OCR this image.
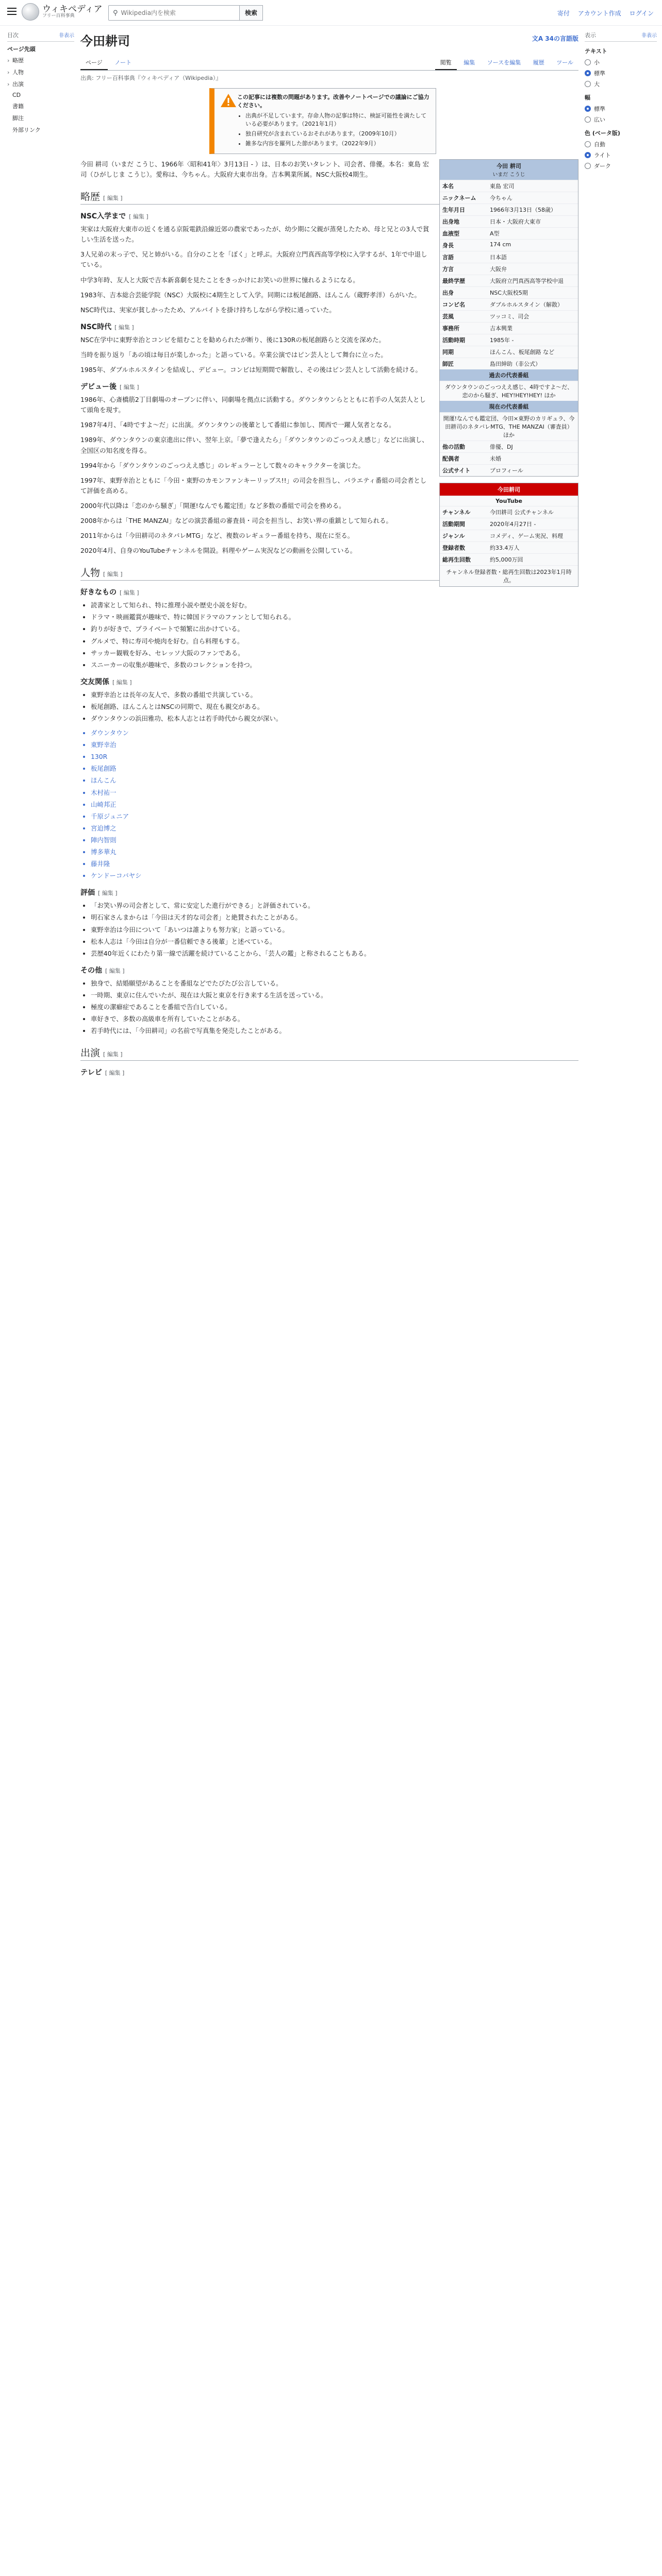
ウィキペディア
フリー百科事典	⚲
Wikipedia内を検索	検索	寄付 アカウント作成 ログイン
目次	非表示
ページ先頭
› 略歴
› 人物
› 出演
CD
書籍
脚注
外部リンク
表示	非表示
テキスト
小
標準
大
幅
標準
広い
色 (ベータ版)
自動
ライト
ダーク
今田耕司	文A 34の言語版
ページ ノート	閲覧 編集 ソースを編集 履歴 ツール
出典: フリー百科事典『ウィキペディア（Wikipedia）』
この記事には複数の問題があります。改善やノートページでの議論にご協力ください。
• 出典が不足しています。存命人物の記事は特に、検証可能性を満たしている必要があります。（2021年1月）
• 独自研究が含まれているおそれがあります。（2009年10月）
• 雑多な内容を羅列した節があります。（2022年9月）
今田 耕司
いまだ こうじ
本名	東島 宏司
ニックネーム	今ちゃん
生年月日	1966年3月13日（58歳）
出身地	日本・大阪府大東市
血液型	A型
身長	174 cm
言語	日本語
方言	大阪弁
最終学歴	大阪府立門真西高等学校中退
出身	NSC大阪校5期
コンビ名	ダブルホルスタイン（解散）
芸風	ツッコミ、司会
事務所	吉本興業
活動時期	1985年 -
同期	ほんこん、板尾創路 など
師匠	島田紳助（非公式）
過去の代表番組
ダウンタウンのごっつええ感じ、4時ですよ〜だ、恋のから騒ぎ、HEY!HEY!HEY! ほか
現在の代表番組
開運!なんでも鑑定団、今田×東野のカリギュラ、今田耕司のネタバレMTG、THE MANZAI（審査員）ほか
他の活動	俳優、DJ
配偶者	未婚
公式サイト	プロフィール
今田耕司
YouTube
チャンネル	今田耕司 公式チャンネル
活動期間	2020年4月27日 -
ジャンル	コメディ、ゲーム実況、料理
登録者数	約33.4万人
総再生回数	約5,000万回
チャンネル登録者数・総再生回数は2023年1月時点。

今田 耕司（いまだ こうじ、1966年〈昭和41年〉3月13日 - ）は、日本のお笑いタレント、司会者、俳優。本名：東島 宏司（ひがしじま こうじ）。愛称は、今ちゃん。大阪府大東市出身。吉本興業所属。NSC大阪校4期生。

略歴 [ 編集 ]
NSC入学まで [ 編集 ]

実家は大阪府大東市の近くを通る京阪電鉄沿線近郊の農家であったが、幼少期に父親が蒸発したため、母と兄との3人で貧しい生活を送った。

3人兄弟の末っ子で、兄と姉がいる。自分のことを「ぼく」と呼ぶ。大阪府立門真西高等学校に入学するが、1年で中退している。

中学3年時、友人と大阪で吉本新喜劇を見たことをきっかけにお笑いの世界に憧れるようになる。

1983年、吉本総合芸能学院（NSC）大阪校に4期生として入学。同期には板尾創路、ほんこん（蔵野孝洋）らがいた。

NSC時代は、実家が貧しかったため、アルバイトを掛け持ちしながら学校に通っていた。

NSC時代 [ 編集 ]

NSC在学中に東野幸治とコンビを組むことを勧められたが断り、後に130Rの板尾創路らと交流を深めた。

当時を振り返り「あの頃は毎日が楽しかった」と語っている。卒業公演ではピン芸人として舞台に立った。

1985年、ダブルホルスタインを結成し、デビュー。コンビは短期間で解散し、その後はピン芸人として活動を続ける。

デビュー後 [ 編集 ]

1986年、心斎橋筋2丁目劇場のオープンに伴い、同劇場を拠点に活動する。ダウンタウンらとともに若手の人気芸人として頭角を現す。

1987年4月、「4時ですよ〜だ」に出演。ダウンタウンの後輩として番組に参加し、関西で一躍人気者となる。

1989年、ダウンタウンの東京進出に伴い、翌年上京。「夢で逢えたら」「ダウンタウンのごっつええ感じ」などに出演し、全国区の知名度を得る。

1994年から「ダウンタウンのごっつええ感じ」のレギュラーとして数々のキャラクターを演じた。

1997年、東野幸治とともに「今田・東野のカモンファンキーリップス!!」の司会を担当し、バラエティ番組の司会者として評価を高める。

2000年代以降は「恋のから騒ぎ」「開運!なんでも鑑定団」など多数の番組で司会を務める。

2008年からは「THE MANZAI」などの演芸番組の審査員・司会を担当し、お笑い界の重鎮として知られる。

2011年からは「今田耕司のネタバレMTG」など、複数のレギュラー番組を持ち、現在に至る。

2020年4月、自身のYouTubeチャンネルを開設。料理やゲーム実況などの動画を公開している。

人物 [ 編集 ]
好きなもの [ 編集 ]
• 読書家として知られ、特に推理小説や歴史小説を好む。
• ドラマ・映画鑑賞が趣味で、特に韓国ドラマのファンとして知られる。
• 釣りが好きで、プライベートで頻繁に出かけている。
• グルメで、特に寿司や焼肉を好む。自ら料理もする。
• サッカー観戦を好み、セレッソ大阪のファンである。
• スニーカーの収集が趣味で、多数のコレクションを持つ。
交友関係 [ 編集 ]
• 東野幸治とは長年の友人で、多数の番組で共演している。
• 板尾創路、ほんこんとはNSCの同期で、現在も親交がある。
• ダウンタウンの浜田雅功、松本人志とは若手時代から親交が深い。
• ダウンタウン
• 東野幸治
• 130R
• 板尾創路
• ほんこん
• 木村祐一
• 山崎邦正
• 千原ジュニア
• 宮迫博之
• 陣内智則
• 博多華丸
• 藤井隆
• ケンドーコバヤシ
評価 [ 編集 ]
• 「お笑い界の司会者として、常に安定した進行ができる」と評価されている。
• 明石家さんまからは「今田は天才的な司会者」と絶賛されたことがある。
• 東野幸治は今田について「あいつは誰よりも努力家」と語っている。
• 松本人志は「今田は自分が一番信頼できる後輩」と述べている。
• 芸歴40年近くにわたり第一線で活躍を続けていることから、「芸人の鑑」と称されることもある。
その他 [ 編集 ]
• 独身で、結婚願望があることを番組などでたびたび公言している。
• 一時期、東京に住んでいたが、現在は大阪と東京を行き来する生活を送っている。
• 極度の潔癖症であることを番組で告白している。
• 車好きで、多数の高級車を所有していたことがある。
• 若手時代には、「今田耕司」の名前で写真集を発売したことがある。
出演 [ 編集 ]
テレビ [ 編集 ]
